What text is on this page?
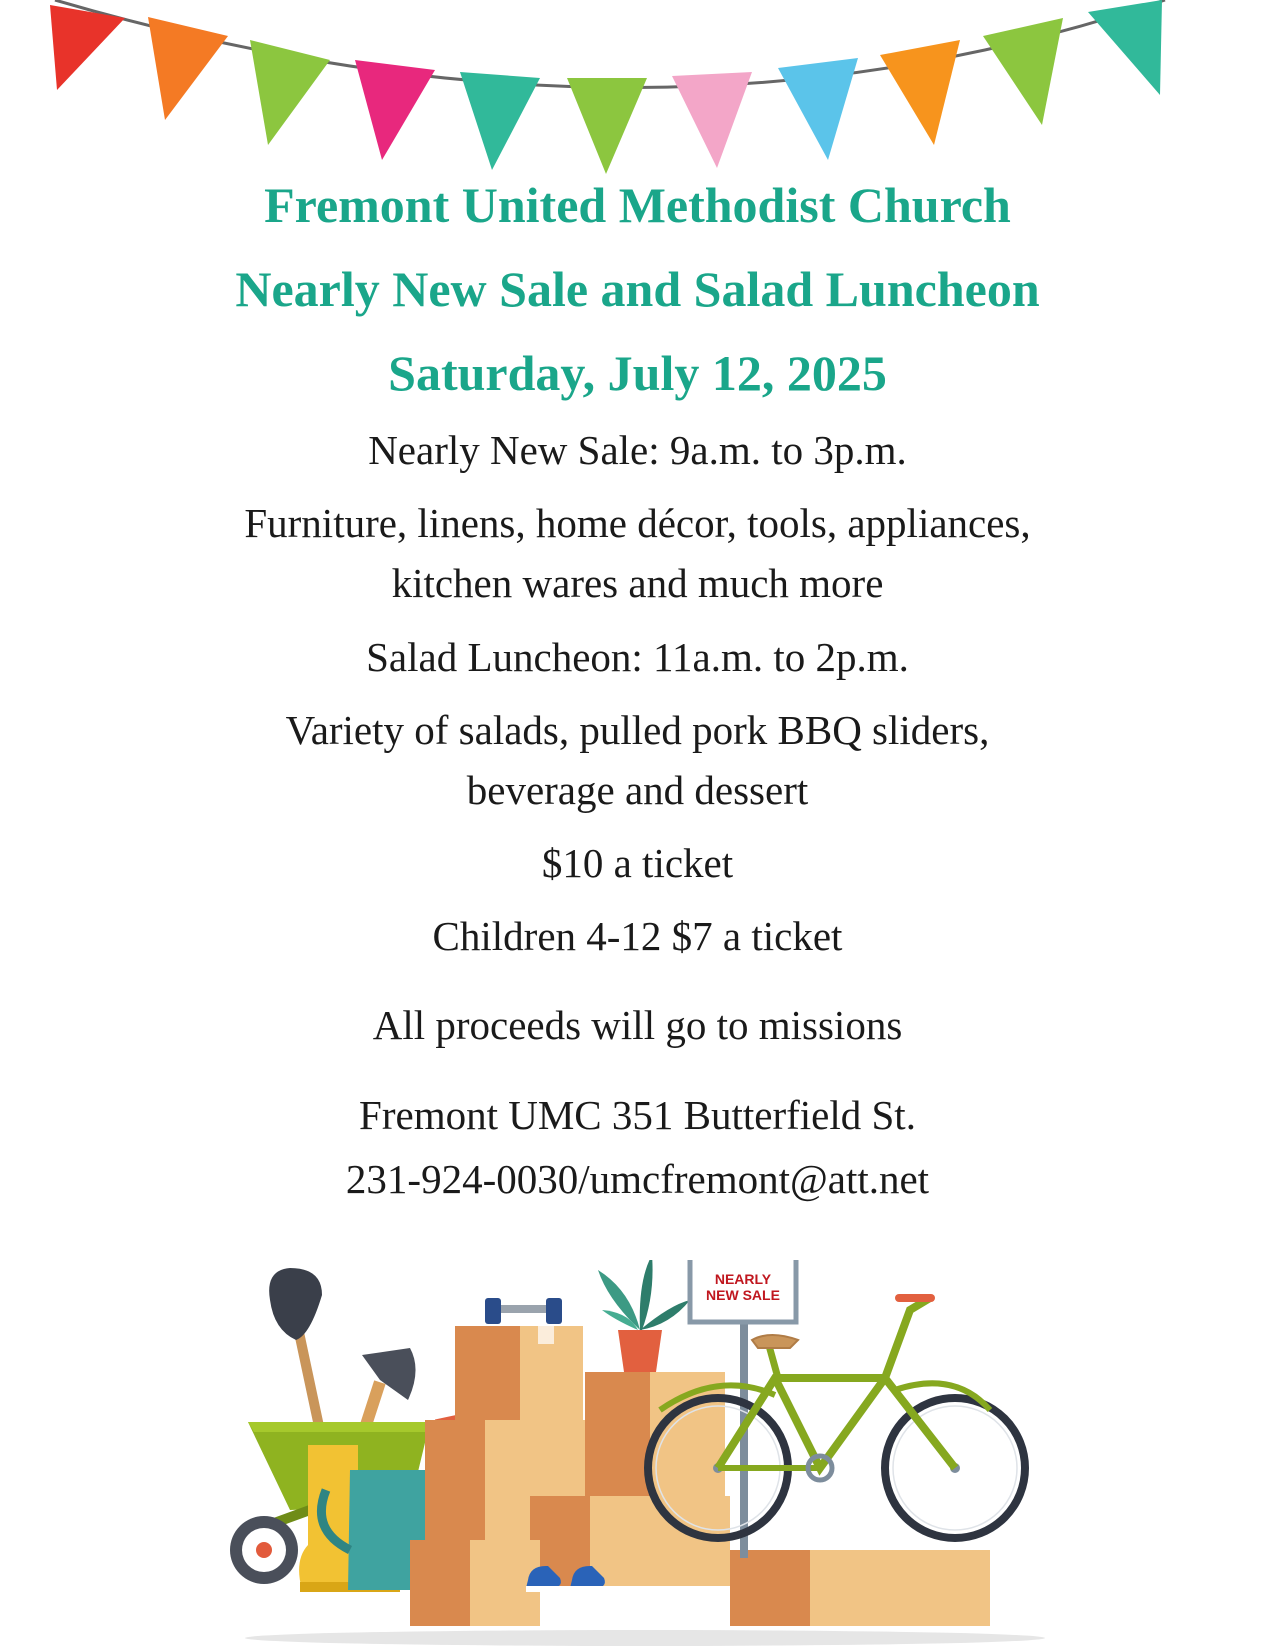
Fremont United Methodist Church

Nearly New Sale and Salad Luncheon

Saturday, July 12, 2025

Nearly New Sale: 9a.m. to 3p.m.

Furniture, linens, home décor, tools, appliances,

kitchen wares and much more

Salad Luncheon: 11a.m. to 2p.m.

Variety of salads, pulled pork BBQ sliders,

beverage and dessert

$10 a ticket

Children 4-12 $7 a ticket

All proceeds will go to missions

Fremont UMC 351 Butterfield St.

231-924-0030/umcfremont@att.net

NEARLY
NEW SALE
